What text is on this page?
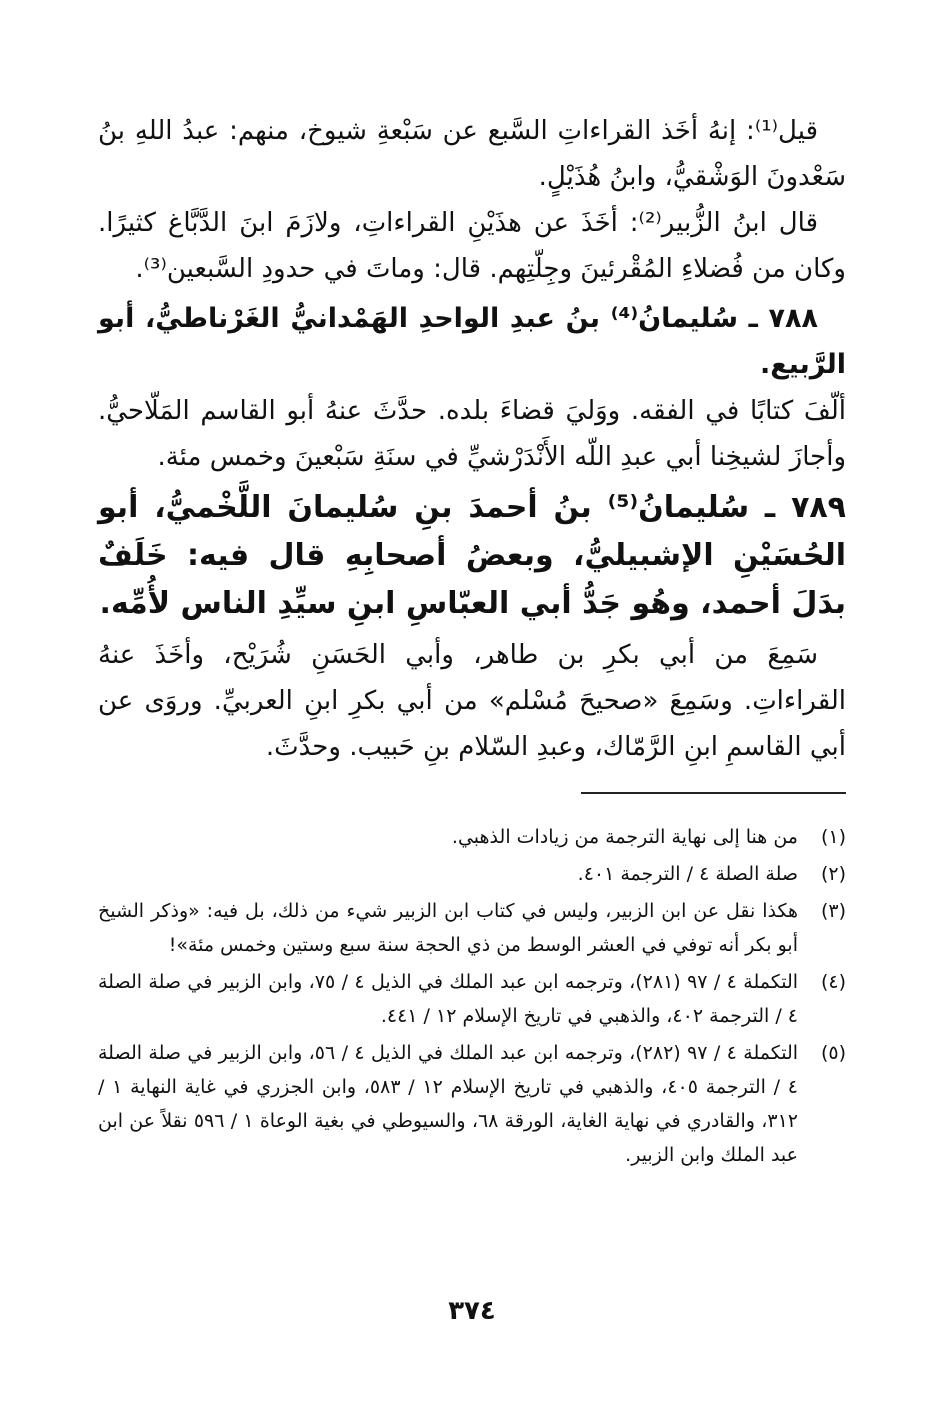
قيل⁽¹⁾: إنهُ أخَذ القراءاتِ السَّبع عن سَبْعةِ شيوخ، منهم: عبدُ اللهِ بنُ سَعْدونَ الوَشْقيُّ، وابنُ هُذَيْلٍ.

قال ابنُ الزُّبير⁽²⁾: أخَذَ عن هذَيْنِ القراءاتِ، ولازَمَ ابنَ الدَّبَّاغ كثيرًا. وكان من فُضلاءِ المُقْرئينَ وجِلّتِهم. قال: وماتَ في حدودِ السَّبعين⁽³⁾.

٧٨٨ ـ سُليمانُ⁽⁴⁾ بنُ عبدِ الواحدِ الهَمْدانيُّ الغَرْناطيُّ، أبو الرَّبيع.

ألّفَ كتابًا في الفقه. ووَليَ قضاءَ بلده. حدَّثَ عنهُ أبو القاسم المَلّاحيُّ. وأجازَ لشيخِنا أبي عبدِ اللّه الأَنْدَرْشيِّ في سنَةِ سَبْعينَ وخمس مئة.

٧٨٩ ـ سُليمانُ⁽⁵⁾ بنُ أحمدَ بنِ سُليمانَ اللَّخْميُّ، أبو الحُسَيْنِ الإشبيليُّ، وبعضُ أصحابِهِ قال فيه: خَلَفٌ بدَلَ أحمد، وهُو جَدُّ أبي العبّاسِ ابنِ سيِّدِ الناس لأُمِّه.

سَمِعَ من أبي بكرِ بن طاهر، وأبي الحَسَنِ شُرَيْح، وأخَذَ عنهُ القراءاتِ. وسَمِعَ «صحيحَ مُسْلم» من أبي بكرِ ابنِ العربيِّ. وروَى عن أبي القاسمِ ابنِ الرَّمّاك، وعبدِ السّلام بنِ حَبيب. وحدَّثَ.

(١)
من هنا إلى نهاية الترجمة من زيادات الذهبي.
(٢)
صلة الصلة ٤ / الترجمة ٤٠١.
(٣)
هكذا نقل عن ابن الزبير، وليس في كتاب ابن الزبير شيء من ذلك، بل فيه: «وذكر الشيخ أبو بكر أنه توفي في العشر الوسط من ذي الحجة سنة سبع وستين وخمس مئة»!
(٤)
التكملة ٤ / ٩٧ (٢٨١)، وترجمه ابن عبد الملك في الذيل ٤ / ٧٥، وابن الزبير في صلة الصلة ٤ / الترجمة ٤٠٢، والذهبي في تاريخ الإسلام ١٢ / ٤٤١.
(٥)
التكملة ٤ / ٩٧ (٢٨٢)، وترجمه ابن عبد الملك في الذيل ٤ / ٥٦، وابن الزبير في صلة الصلة ٤ / الترجمة ٤٠٥، والذهبي في تاريخ الإسلام ١٢ / ٥٨٣، وابن الجزري في غاية النهاية ١ / ٣١٢، والقادري في نهاية الغاية، الورقة ٦٨، والسيوطي في بغية الوعاة ١ / ٥٩٦ نقلاً عن ابن عبد الملك وابن الزبير.
٣٧٤
